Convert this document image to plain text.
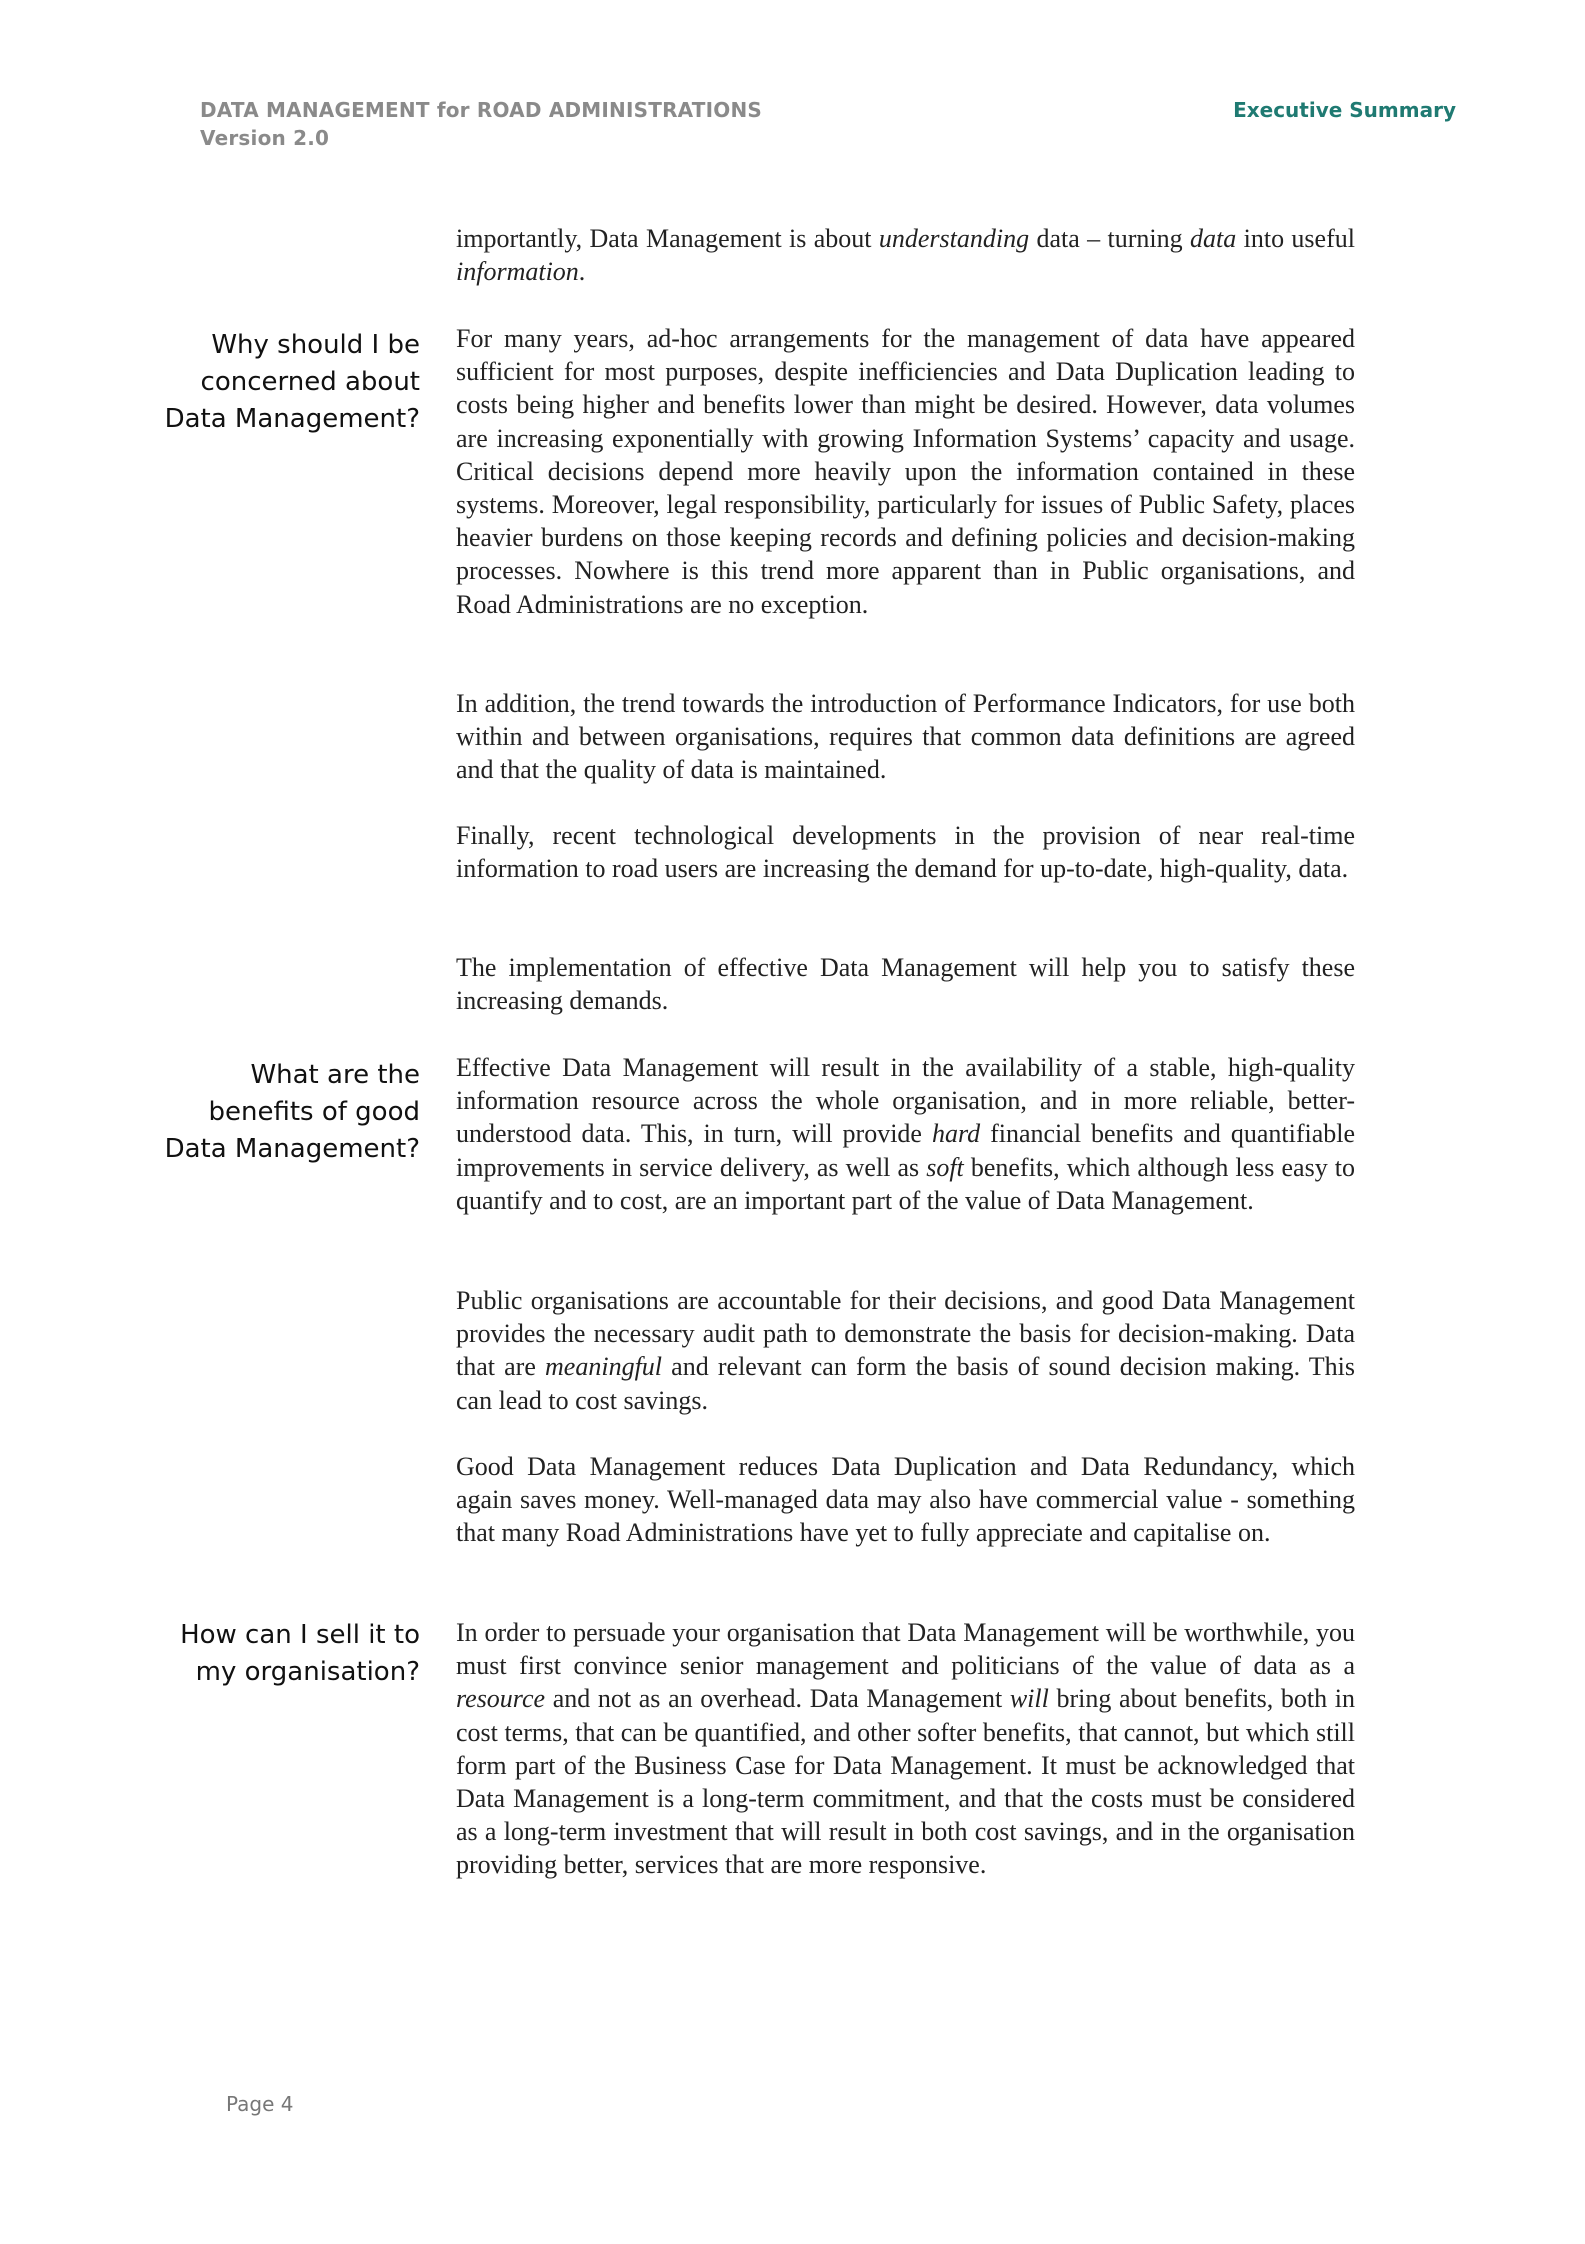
DATA MANAGEMENT for ROAD ADMINISTRATIONS
Version 2.0
Executive Summary
Why should I be
concerned about
Data Management?
What are the
benefits of good
Data Management?
How can I sell it to
my organisation?
importantly, Data Management is about understanding data – turning data into useful information.
For many years, ad-hoc arrangements for the management of data have appeared sufficient for most purposes, despite inefficiencies and Data Duplication leading to costs being higher and benefits lower than might be desired. However, data volumes are increasing exponentially with growing Information Systems’ capacity and usage. Critical decisions depend more heavily upon the information contained in these systems. Moreover, legal responsibility, particularly for issues of Public Safety, places heavier burdens on those keeping records and defining policies and decision-making processes. Nowhere is this trend more apparent than in Public organisations, and Road Administrations are no exception.
In addition, the trend towards the introduction of Performance Indicators, for use both within and between organisations, requires that common data definitions are agreed and that the quality of data is maintained.
Finally, recent technological developments in the provision of near real-time information to road users are increasing the demand for up-to-date, high-quality, data.
The implementation of effective Data Management will help you to satisfy these increasing demands.
Effective Data Management will result in the availability of a stable, high-quality information resource across the whole organisation, and in more reliable, better-understood data. This, in turn, will provide hard financial benefits and quantifiable improvements in service delivery, as well as soft benefits, which although less easy to quantify and to cost, are an important part of the value of Data Management.
Public organisations are accountable for their decisions, and good Data Management provides the necessary audit path to demonstrate the basis for decision-making. Data that are meaningful and relevant can form the basis of sound decision making. This can lead to cost savings.
Good Data Management reduces Data Duplication and Data Redundancy, which again saves money. Well-managed data may also have commercial value - something that many Road Administrations have yet to fully appreciate and capitalise on.
In order to persuade your organisation that Data Management will be worthwhile, you must first convince senior management and politicians of the value of data as a resource and not as an overhead. Data Management will bring about benefits, both in cost terms, that can be quantified, and other softer benefits, that cannot, but which still form part of the Business Case for Data Management. It must be acknowledged that Data Management is a long-term commitment, and that the costs must be considered as a long-term investment that will result in both cost savings, and in the organisation providing better, services that are more responsive.
Page 4
